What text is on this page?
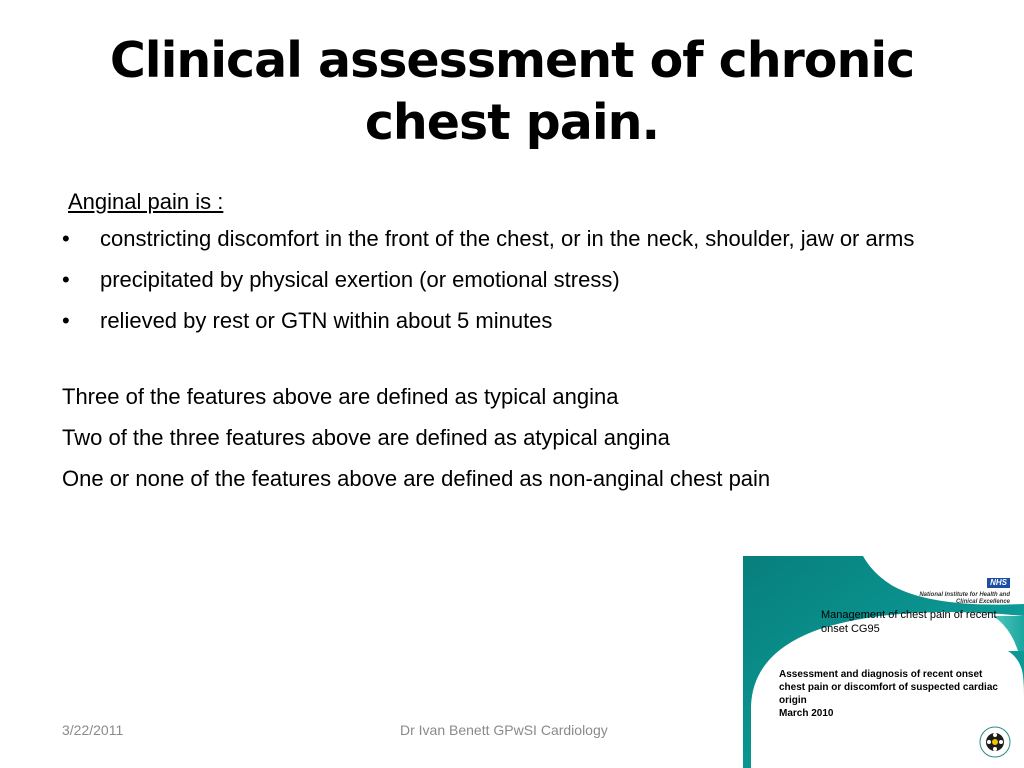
Clinical assessment of chronic chest pain.
Anginal pain is :
• constricting discomfort in the front of the chest, or in the neck, shoulder, jaw or arms
• precipitated by physical exertion (or emotional stress)
• relieved by rest or GTN within about 5 minutes

Three of the features above are defined as typical angina

Two of the three features above are defined as atypical angina

One or none of the features above are defined as non-anginal chest pain

3/22/2011	Dr Ivan Benett GPwSI Cardiology
NHS
National Institute for Health and Clinical Excellence
Management of chest pain of recent onset CG95
Assessment and diagnosis of recent onset chest pain or discomfort of suspected cardiac origin
March 2010
